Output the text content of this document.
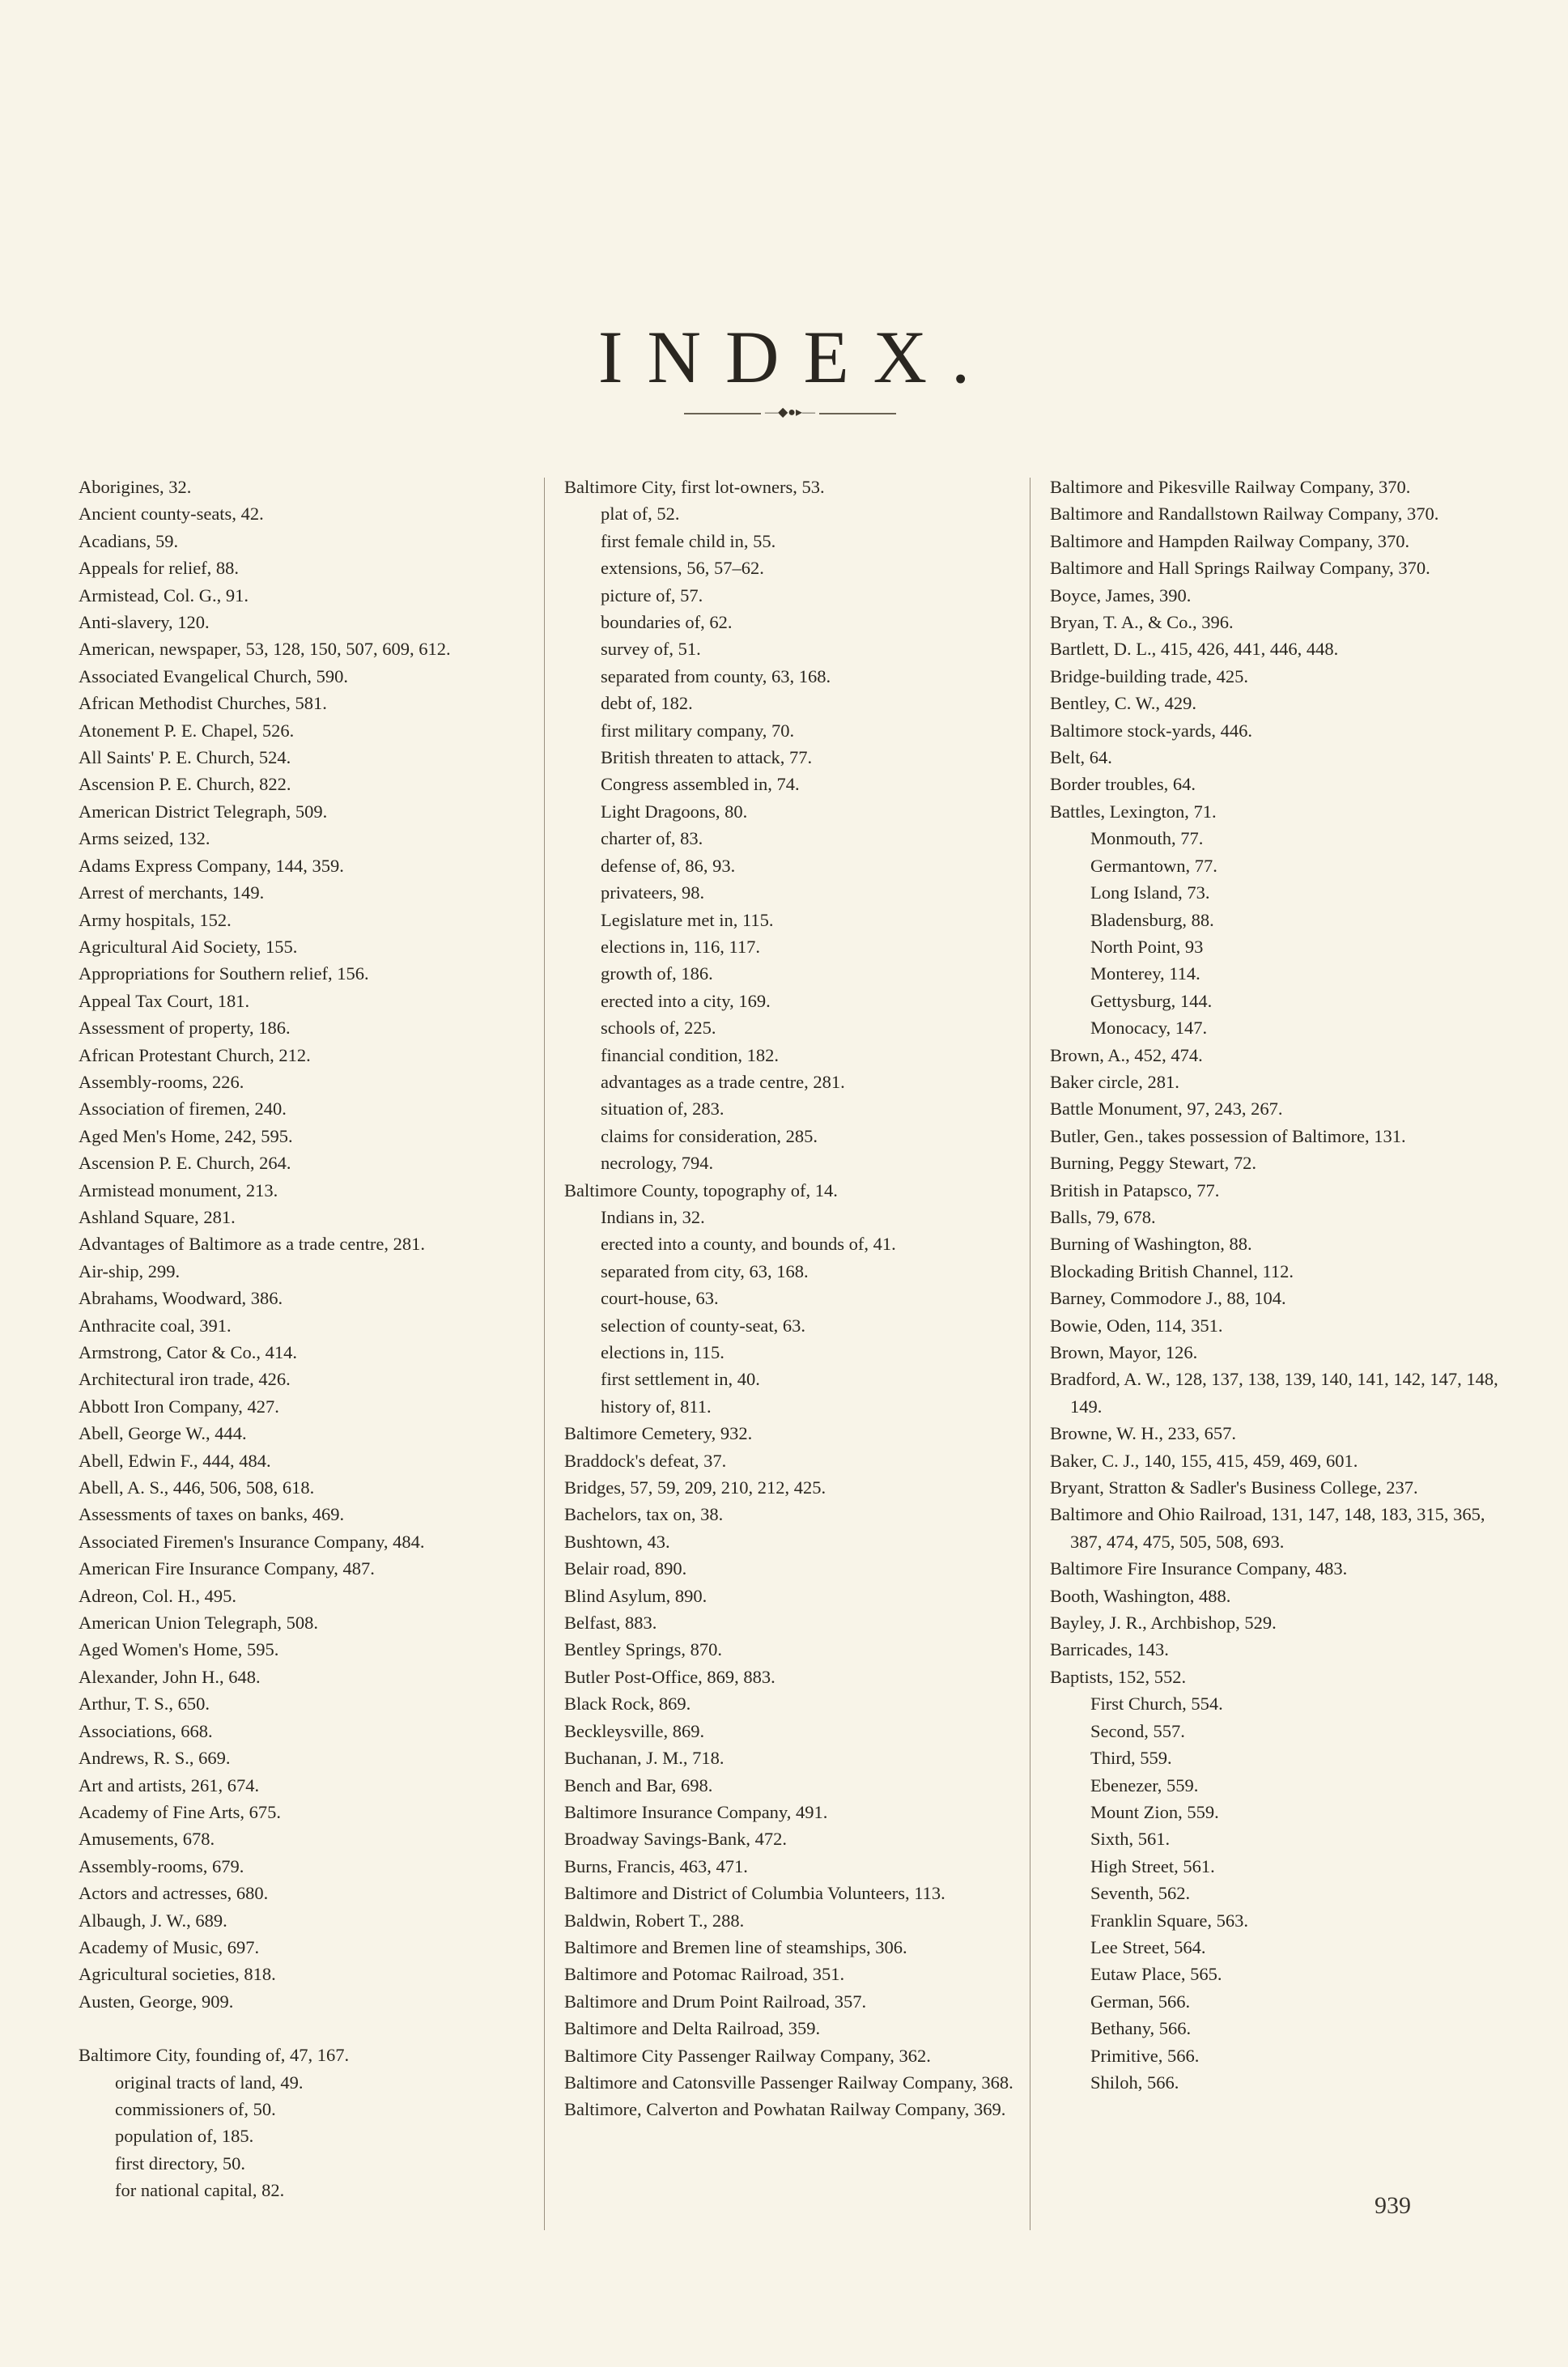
INDEX.
—◆●▸—
Aborigines, 32.
Ancient county-seats, 42.
Acadians, 59.
Appeals for relief, 88.
Armistead, Col. G., 91.
Anti-slavery, 120.
American, newspaper, 53, 128, 150, 507, 609, 612.
Associated Evangelical Church, 590.
African Methodist Churches, 581.
Atonement P. E. Chapel, 526.
All Saints' P. E. Church, 524.
Ascension P. E. Church, 822.
American District Telegraph, 509.
Arms seized, 132.
Adams Express Company, 144, 359.
Arrest of merchants, 149.
Army hospitals, 152.
Agricultural Aid Society, 155.
Appropriations for Southern relief, 156.
Appeal Tax Court, 181.
Assessment of property, 186.
African Protestant Church, 212.
Assembly-rooms, 226.
Association of firemen, 240.
Aged Men's Home, 242, 595.
Ascension P. E. Church, 264.
Armistead monument, 213.
Ashland Square, 281.
Advantages of Baltimore as a trade centre, 281.
Air-ship, 299.
Abrahams, Woodward, 386.
Anthracite coal, 391.
Armstrong, Cator & Co., 414.
Architectural iron trade, 426.
Abbott Iron Company, 427.
Abell, George W., 444.
Abell, Edwin F., 444, 484.
Abell, A. S., 446, 506, 508, 618.
Assessments of taxes on banks, 469.
Associated Firemen's Insurance Company, 484.
American Fire Insurance Company, 487.
Adreon, Col. H., 495.
American Union Telegraph, 508.
Aged Women's Home, 595.
Alexander, John H., 648.
Arthur, T. S., 650.
Associations, 668.
Andrews, R. S., 669.
Art and artists, 261, 674.
Academy of Fine Arts, 675.
Amusements, 678.
Assembly-rooms, 679.
Actors and actresses, 680.
Albaugh, J. W., 689.
Academy of Music, 697.
Agricultural societies, 818.
Austen, George, 909.
Baltimore City, founding of, 47, 167.
original tracts of land, 49.
commissioners of, 50.
population of, 185.
first directory, 50.
for national capital, 82.
Baltimore City, first lot-owners, 53.
plat of, 52.
first female child in, 55.
extensions, 56, 57–62.
picture of, 57.
boundaries of, 62.
survey of, 51.
separated from county, 63, 168.
debt of, 182.
first military company, 70.
British threaten to attack, 77.
Congress assembled in, 74.
Light Dragoons, 80.
charter of, 83.
defense of, 86, 93.
privateers, 98.
Legislature met in, 115.
elections in, 116, 117.
growth of, 186.
erected into a city, 169.
schools of, 225.
financial condition, 182.
advantages as a trade centre, 281.
situation of, 283.
claims for consideration, 285.
necrology, 794.
Baltimore County, topography of, 14.
Indians in, 32.
erected into a county, and bounds of, 41.
separated from city, 63, 168.
court-house, 63.
selection of county-seat, 63.
elections in, 115.
first settlement in, 40.
history of, 811.
Baltimore Cemetery, 932.
Braddock's defeat, 37.
Bridges, 57, 59, 209, 210, 212, 425.
Bachelors, tax on, 38.
Bushtown, 43.
Belair road, 890.
Blind Asylum, 890.
Belfast, 883.
Bentley Springs, 870.
Butler Post-Office, 869, 883.
Black Rock, 869.
Beckleysville, 869.
Buchanan, J. M., 718.
Bench and Bar, 698.
Baltimore Insurance Company, 491.
Broadway Savings-Bank, 472.
Burns, Francis, 463, 471.
Baltimore and District of Columbia Volunteers, 113.
Baldwin, Robert T., 288.
Baltimore and Bremen line of steamships, 306.
Baltimore and Potomac Railroad, 351.
Baltimore and Drum Point Railroad, 357.
Baltimore and Delta Railroad, 359.
Baltimore City Passenger Railway Company, 362.
Baltimore and Catonsville Passenger Railway Company, 368.
Baltimore, Calverton and Powhatan Railway Company, 369.
Baltimore and Pikesville Railway Company, 370.
Baltimore and Randallstown Railway Company, 370.
Baltimore and Hampden Railway Company, 370.
Baltimore and Hall Springs Railway Company, 370.
Boyce, James, 390.
Bryan, T. A., & Co., 396.
Bartlett, D. L., 415, 426, 441, 446, 448.
Bridge-building trade, 425.
Bentley, C. W., 429.
Baltimore stock-yards, 446.
Belt, 64.
Border troubles, 64.
Battles, Lexington, 71.
Monmouth, 77.
Germantown, 77.
Long Island, 73.
Bladensburg, 88.
North Point, 93
Monterey, 114.
Gettysburg, 144.
Monocacy, 147.
Brown, A., 452, 474.
Baker circle, 281.
Battle Monument, 97, 243, 267.
Butler, Gen., takes possession of Baltimore, 131.
Burning, Peggy Stewart, 72.
British in Patapsco, 77.
Balls, 79, 678.
Burning of Washington, 88.
Blockading British Channel, 112.
Barney, Commodore J., 88, 104.
Bowie, Oden, 114, 351.
Brown, Mayor, 126.
Bradford, A. W., 128, 137, 138, 139, 140, 141, 142, 147, 148, 149.
Browne, W. H., 233, 657.
Baker, C. J., 140, 155, 415, 459, 469, 601.
Bryant, Stratton & Sadler's Business College, 237.
Baltimore and Ohio Railroad, 131, 147, 148, 183, 315, 365, 387, 474, 475, 505, 508, 693.
Baltimore Fire Insurance Company, 483.
Booth, Washington, 488.
Bayley, J. R., Archbishop, 529.
Barricades, 143.
Baptists, 152, 552.
First Church, 554.
Second, 557.
Third, 559.
Ebenezer, 559.
Mount Zion, 559.
Sixth, 561.
High Street, 561.
Seventh, 562.
Franklin Square, 563.
Lee Street, 564.
Eutaw Place, 565.
German, 566.
Bethany, 566.
Primitive, 566.
Shiloh, 566.
939
